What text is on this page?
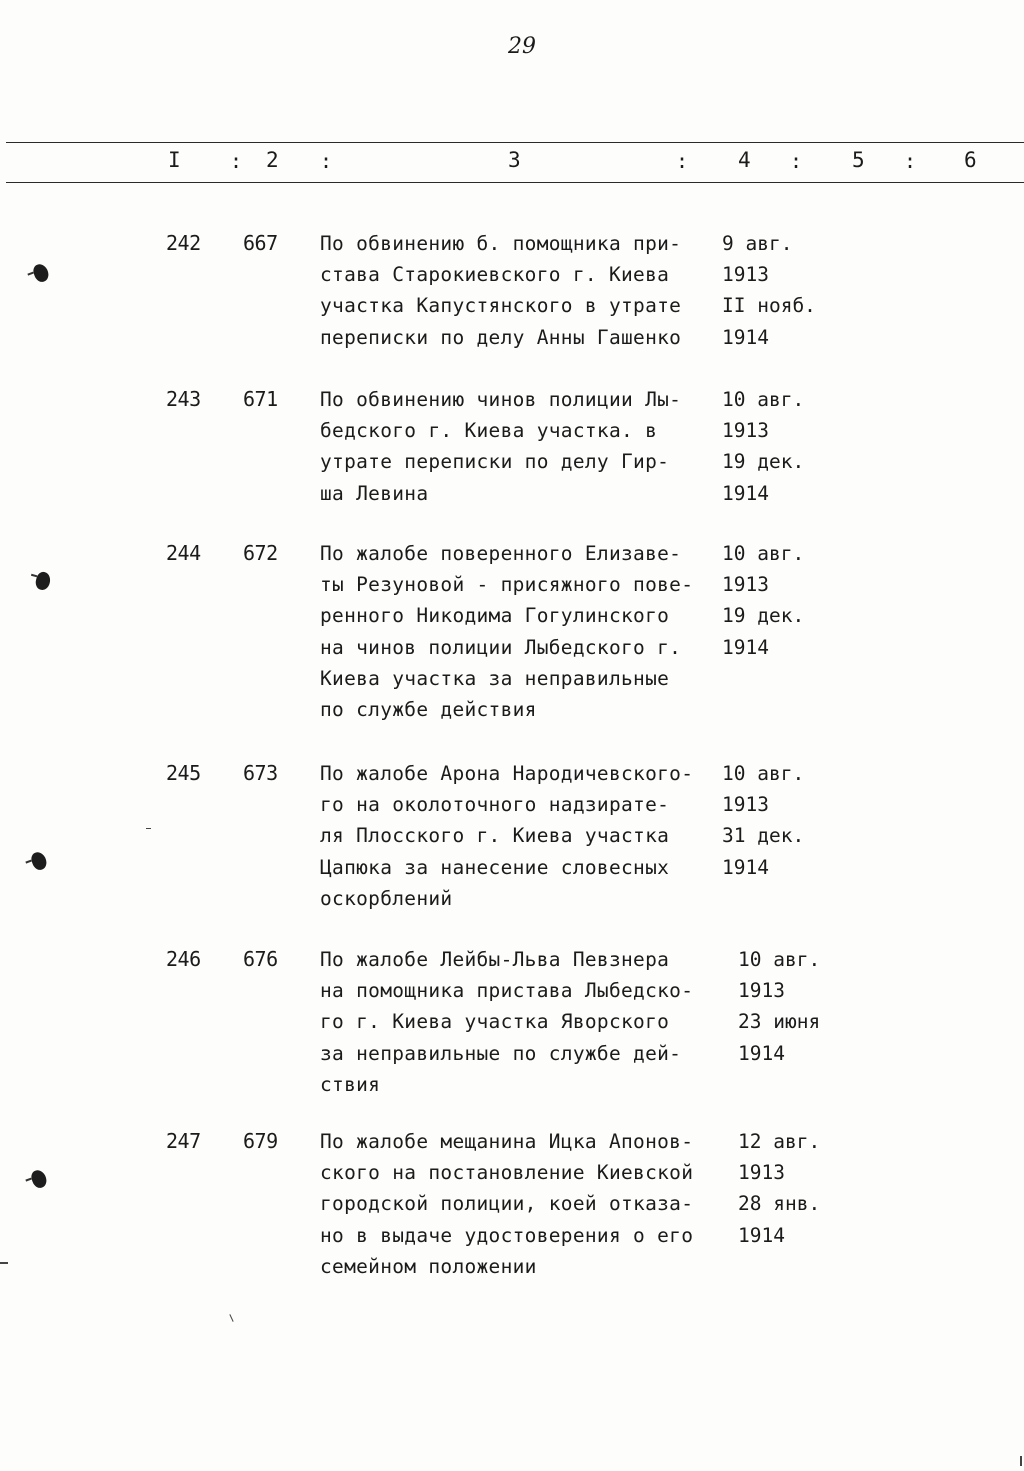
29
I : 2 :	3	: 4 : 5 : 6
242 667 По обвинению б. помощника при-
става Старокиевского г. Киева
участка Капустянского в утрате
переписки по делу Анны Гашенко
9 авг.
1913
II нояб.
1914
243 671 По обвинению чинов полиции Лы-
бедского г. Киева участка. в
утрате переписки по делу Гир-
ша Левина
10 авг.
1913
19 дек.
1914
244 672 По жалобе поверенного Елизаве-
ты Резуновой - присяжного пове-
ренного Никодима Гогулинского
на чинов полиции Лыбедского г.
Киева участка за неправильные
по службе действия
10 авг.
1913
19 дек.
1914
245 673 По жалобе Арона Народичевского-
го на околоточного надзирате-
ля Плосского г. Киева участка
Цапюка за нанесение словесных
оскорблений
10 авг.
1913
31 дек.
1914
246 676 По жалобе Лейбы-Льва Певзнера
на помощника пристава Лыбедско-
го г. Киева участка Яворского
за неправильные по службе дей-
ствия
10 авг.
1913
23 июня
1914
247 679 По жалобе мещанина Ицка Апонов-
ского на постановление Киевской
городской полиции, коей отказа-
но в выдаче удостоверения о его
семейном положении
12 авг.
1913
28 янв.
1914
